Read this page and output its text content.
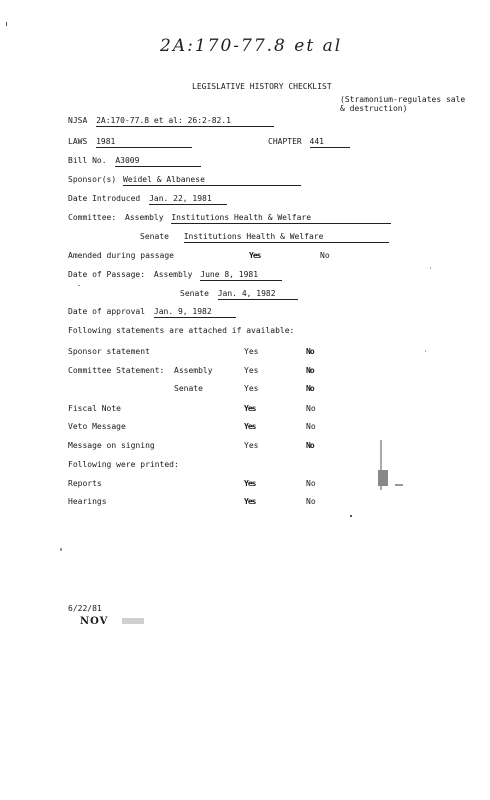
2A:170-77.8 et al
LEGISLATIVE HISTORY CHECKLIST
(Stramonium-regulates sale
& destruction)
NJSA 2A:170-77.8 et al: 26:2-82.1
LAWS 1981	CHAPTER 441
Bill No. A3009
Sponsor(s) Weidel & Albanese
Date Introduced Jan. 22, 1981
Committee: Assembly Institutions Health & Welfare
Senate Institutions Health & Welfare
Amended during passage	Yes	No
Date of Passage: Assembly June 8, 1981
Senate Jan. 4, 1982
Date of approval Jan. 9, 1982
Following statements are attached if available:
Sponsor statement	Yes	No
Committee Statement: Assembly	Yes	No
Senate	Yes	No
Fiscal Note	Yes	No
Veto Message	Yes	No
Message on signing	Yes	No
Following were printed:
Reports	Yes	No
Hearings	Yes	No
6/22/81
NOV
